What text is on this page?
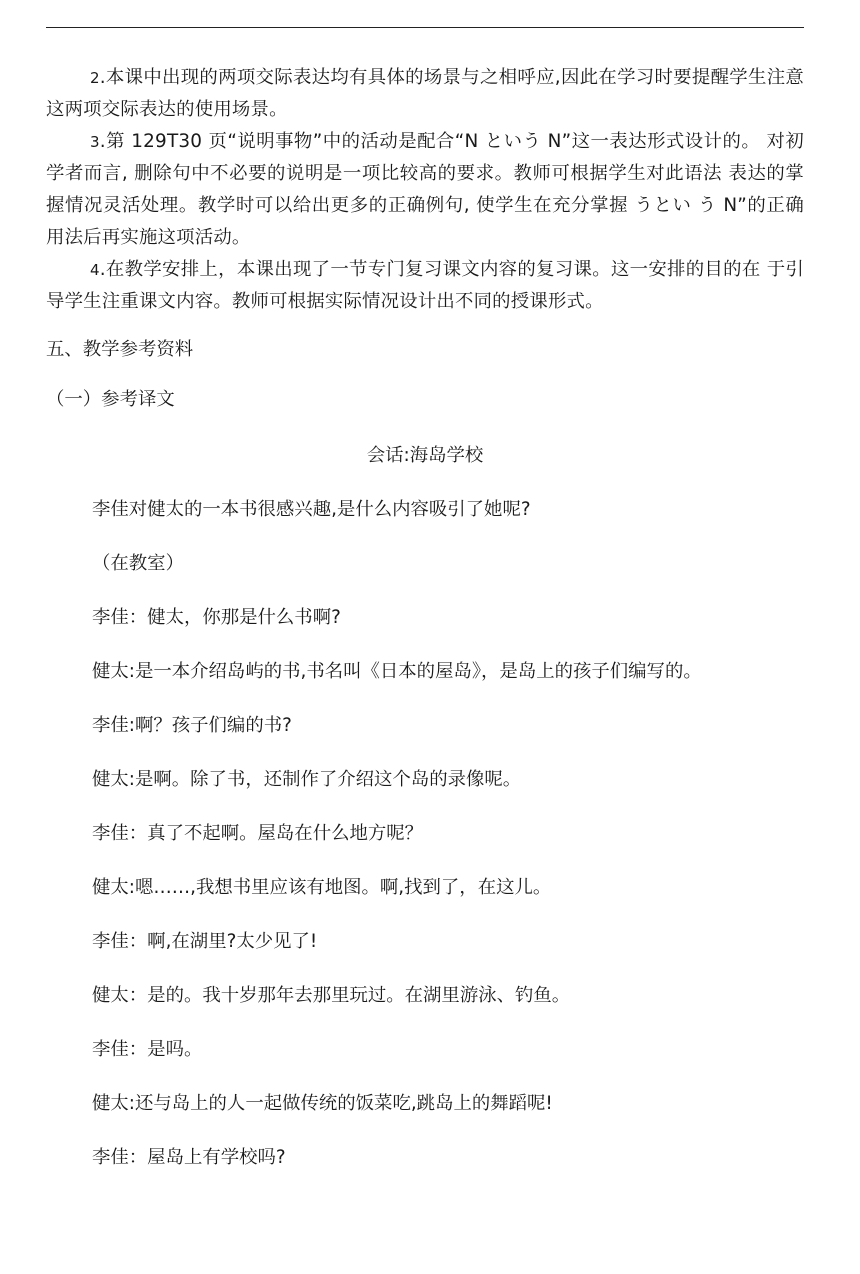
2.本课中出现的两项交际表达均有具体的场景与之相呼应,因此在学习时要提醒学生注意这两项交际表达的使用场景。
3.第 129T30 页“说明事物”中的活动是配合“N という N”这一表达形式设计的。 对初学者而言, 删除句中不必要的说明是一项比较高的要求。教师可根据学生对此语法 表达的掌握情况灵活处理。教学时可以给出更多的正确例句, 使学生在充分掌握 うとい う N”的正确用法后再实施这项活动。
4.在教学安排上，本课出现了一节专门复习课文内容的复习课。这一安排的目的在 于引导学生注重课文内容。教师可根据实际情况设计出不同的授课形式。
五、教学参考资料
（一）参考译文
会话:海岛学校
李佳对健太的一本书很感兴趣,是什么内容吸引了她呢?
（在教室）
李佳：健太，你那是什么书啊?
健太:是一本介绍岛屿的书,书名叫《日本的屋岛》，是岛上的孩子们编写的。
李佳:啊？孩子们编的书?
健太:是啊。除了书，还制作了介绍这个岛的录像呢。
李佳：真了不起啊。屋岛在什么地方呢？
健太:嗯……,我想书里应该有地图。啊,找到了，在这儿。
李佳：啊,在湖里?太少见了!
健太：是的。我十岁那年去那里玩过。在湖里游泳、钓鱼。
李佳：是吗。
健太:还与岛上的人一起做传统的饭菜吃,跳岛上的舞蹈呢!
李佳：屋岛上有学校吗?
